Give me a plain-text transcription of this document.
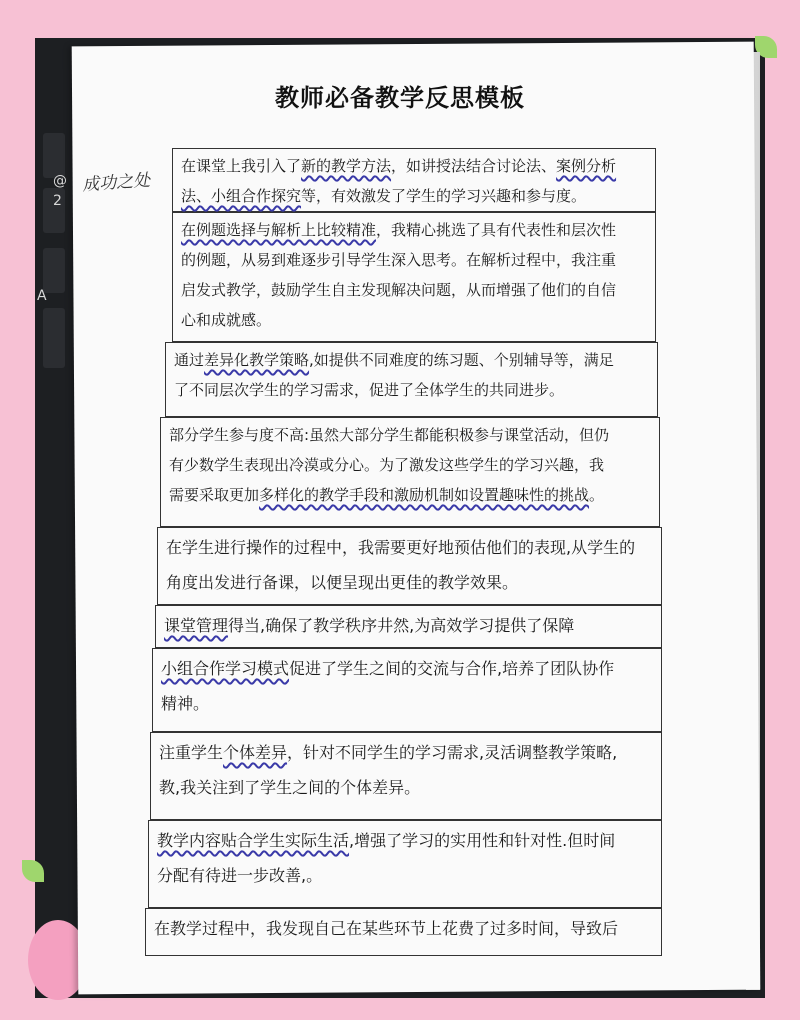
@
2
A
教师必备教学反思模板
成功之处
在课堂上我引入了新的教学方法，如讲授法结合讨论法、案例分析
法、小组合作探究等，有效激发了学生的学习兴趣和参与度。
在例题选择与解析上比较精准，我精心挑选了具有代表性和层次性
的例题，从易到难逐步引导学生深入思考。在解析过程中，我注重
启发式教学，鼓励学生自主发现解决问题，从而增强了他们的自信
心和成就感。
通过差异化教学策略,如提供不同难度的练习题、个别辅导等，满足
了不同层次学生的学习需求，促进了全体学生的共同进步。
部分学生参与度不高:虽然大部分学生都能积极参与课堂活动，但仍
有少数学生表现出冷漠或分心。为了激发这些学生的学习兴趣，我
需要采取更加多样化的教学手段和激励机制如设置趣味性的挑战。
在学生进行操作的过程中，我需要更好地预估他们的表现,从学生的
角度出发进行备课，以便呈现出更佳的教学效果。
课堂管理得当,确保了教学秩序井然,为高效学习提供了保障
小组合作学习模式促进了学生之间的交流与合作,培养了团队协作
精神。
注重学生个体差异，针对不同学生的学习需求,灵活调整教学策略,
教,我关注到了学生之间的个体差异。
教学内容贴合学生实际生活,增强了学习的实用性和针对性.但时间
分配有待进一步改善,。
在教学过程中，我发现自己在某些环节上花费了过多时间，导致后
